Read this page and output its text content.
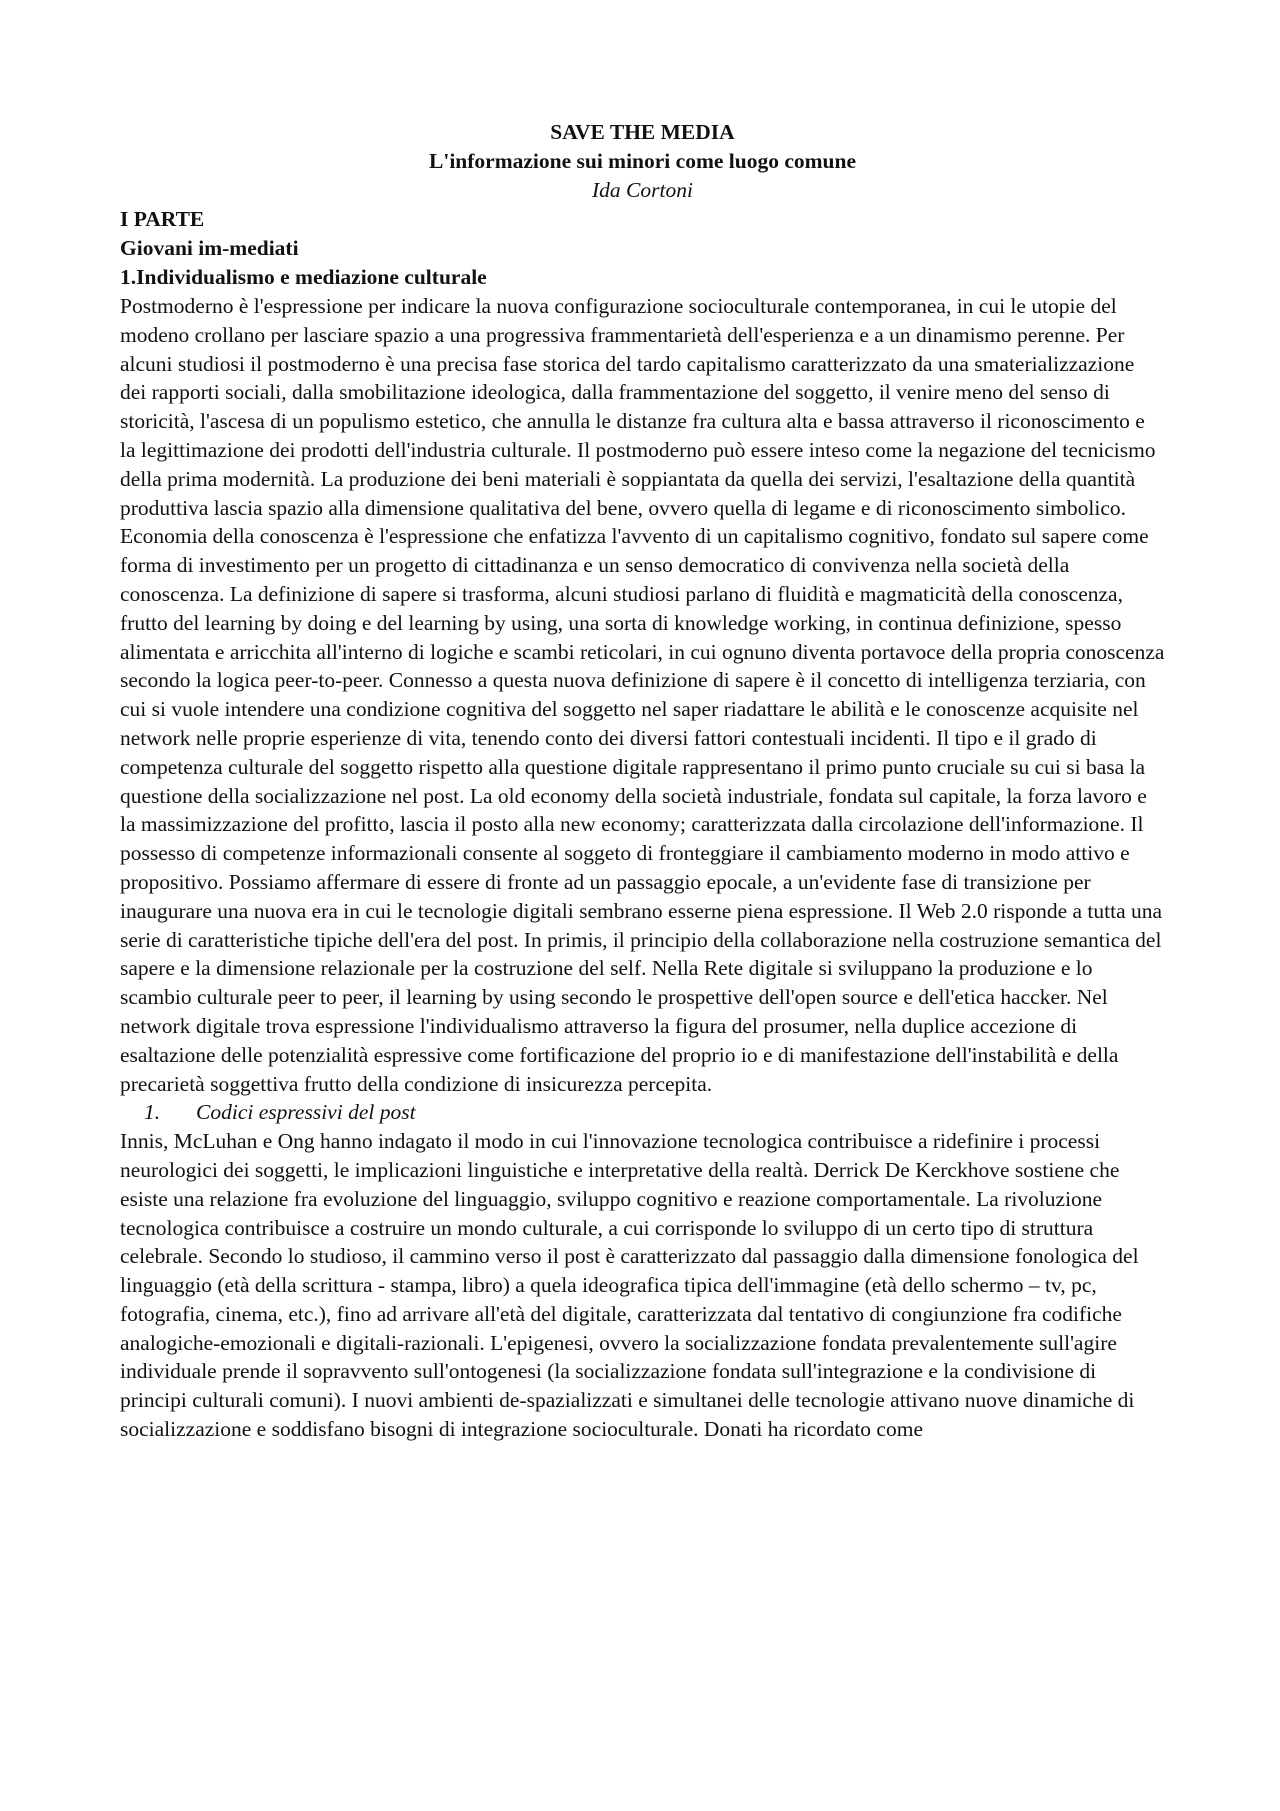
SAVE THE MEDIA
L'informazione sui minori come luogo comune
Ida Cortoni
I PARTE
Giovani im-mediati
1.Individualismo e mediazione culturale

Postmoderno è l'espressione per indicare la nuova configurazione socioculturale contemporanea, in cui le utopie del modeno crollano per lasciare spazio a una progressiva frammentarietà dell'esperienza e a un dinamismo perenne. Per alcuni studiosi il postmoderno è una precisa fase storica del tardo capitalismo caratterizzato da una smaterializzazione dei rapporti sociali, dalla smobilitazione ideologica, dalla frammentazione del soggetto, il venire meno del senso di storicità, l'ascesa di un populismo estetico, che annulla le distanze fra cultura alta e bassa attraverso il riconoscimento e la legittimazione dei prodotti dell'industria culturale. Il postmoderno può essere inteso come la negazione del tecnicismo della prima modernità. La produzione dei beni materiali è soppiantata da quella dei servizi, l'esaltazione della quantità produttiva lascia spazio alla dimensione qualitativa del bene, ovvero quella di legame e di riconoscimento simbolico. Economia della conoscenza è l'espressione che enfatizza l'avvento di un capitalismo cognitivo, fondato sul sapere come forma di investimento per un progetto di cittadinanza e un senso democratico di convivenza nella società della conoscenza. La definizione di sapere si trasforma, alcuni studiosi parlano di fluidità e magmaticità della conoscenza, frutto del learning by doing e del learning by using, una sorta di knowledge working, in continua definizione, spesso alimentata e arricchita all'interno di logiche e scambi reticolari, in cui ognuno diventa portavoce della propria conoscenza secondo la logica peer-to-peer. Connesso a questa nuova definizione di sapere è il concetto di intelligenza terziaria, con cui si vuole intendere una condizione cognitiva del soggetto nel saper riadattare le abilità e le conoscenze acquisite nel network nelle proprie esperienze di vita, tenendo conto dei diversi fattori contestuali incidenti. Il tipo e il grado di competenza culturale del soggetto rispetto alla questione digitale rappresentano il primo punto cruciale su cui si basa la questione della socializzazione nel post. La old economy della società industriale, fondata sul capitale, la forza lavoro e la massimizzazione del profitto, lascia il posto alla new economy; caratterizzata dalla circolazione dell'informazione. Il possesso di competenze informazionali consente al soggeto di fronteggiare il cambiamento moderno in modo attivo e propositivo. Possiamo affermare di essere di fronte ad un passaggio epocale, a un'evidente fase di transizione per inaugurare una nuova era in cui le tecnologie digitali sembrano esserne piena espressione. Il Web 2.0 risponde a tutta una serie di caratteristiche tipiche dell'era del post. In primis, il principio della collaborazione nella costruzione semantica del sapere e la dimensione relazionale per la costruzione del self. Nella Rete digitale si sviluppano la produzione e lo scambio culturale peer to peer, il learning by using secondo le prospettive dell'open source e dell'etica haccker. Nel network digitale trova espressione l'individualismo attraverso la figura del prosumer, nella duplice accezione di esaltazione delle potenzialità espressive come fortificazione del proprio io e di manifestazione dell'instabilità e della precarietà soggettiva frutto della condizione di insicurezza percepita.

1. Codici espressivi del post

Innis, McLuhan e Ong hanno indagato il modo in cui l'innovazione tecnologica contribuisce a ridefinire i processi neurologici dei soggetti, le implicazioni linguistiche e interpretative della realtà. Derrick De Kerckhove sostiene che esiste una relazione fra evoluzione del linguaggio, sviluppo cognitivo e reazione comportamentale. La rivoluzione tecnologica contribuisce a costruire un mondo culturale, a cui corrisponde lo sviluppo di un certo tipo di struttura celebrale. Secondo lo studioso, il cammino verso il post è caratterizzato dal passaggio dalla dimensione fonologica del linguaggio (età della scrittura - stampa, libro) a quela ideografica tipica dell'immagine (età dello schermo – tv, pc, fotografia, cinema, etc.), fino ad arrivare all'età del digitale, caratterizzata dal tentativo di congiunzione fra codifiche analogiche-emozionali e digitali-razionali. L'epigenesi, ovvero la socializzazione fondata prevalentemente sull'agire individuale prende il sopravvento sull'ontogenesi (la socializzazione fondata sull'integrazione e la condivisione di principi culturali comuni). I nuovi ambienti de-spazializzati e simultanei delle tecnologie attivano nuove dinamiche di socializzazione e soddisfano bisogni di integrazione socioculturale. Donati ha ricordato come
